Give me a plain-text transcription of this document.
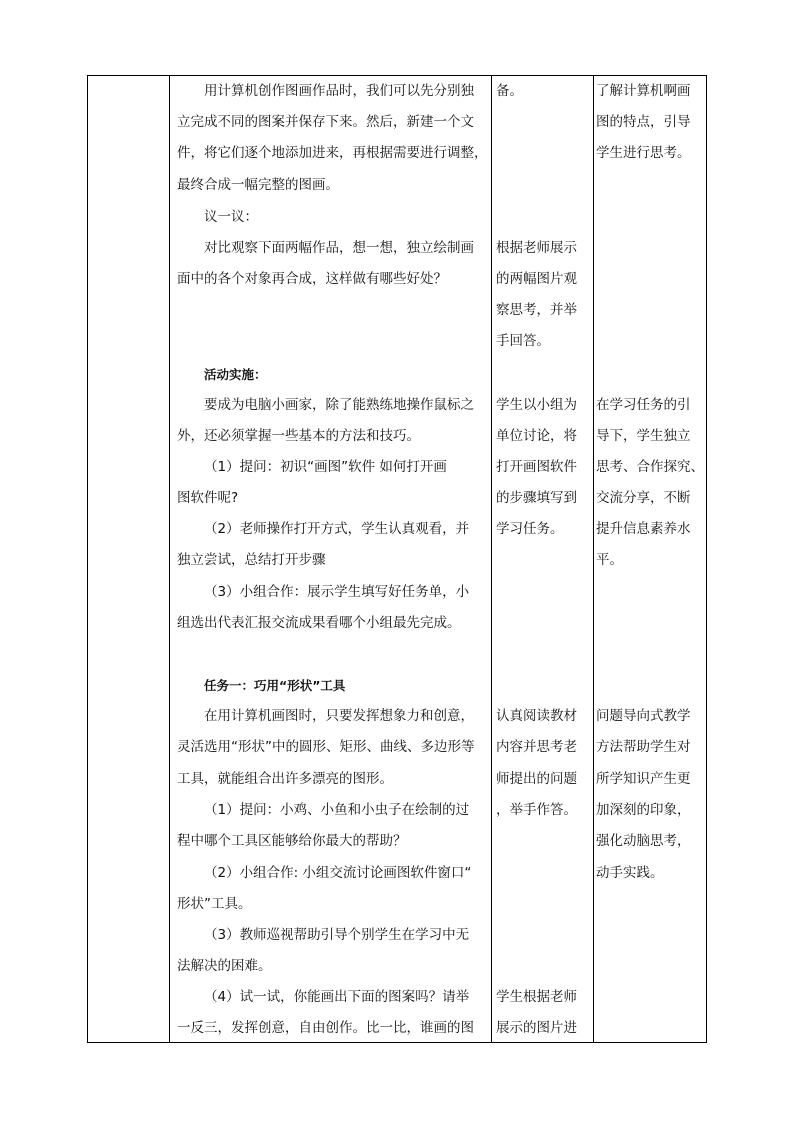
用计算机创作图画作品时，我们可以先分别独

立完成不同的图案并保存下来。然后，新建一个文

件，将它们逐个地添加进来，再根据需要进行调整，

最终合成一幅完整的图画。

议一议：

对比观察下面两幅作品，想一想，独立绘制画

面中的各个对象再合成，这样做有哪些好处？

活动实施：

要成为电脑小画家，除了能熟练地操作鼠标之

外，还必须掌握一些基本的方法和技巧。

（1）提问：初识“画图”软件 如何打开画

图软件呢?

（2）老师操作打开方式，学生认真观看，并

独立尝试，总结打开步骤

（3）小组合作：展示学生填写好任务单，小

组选出代表汇报交流成果看哪个小组最先完成。

任务一：巧用“形状”工具

在用计算机画图时，只要发挥想象力和创意，

灵活选用“形状”中的圆形、矩形、曲线、多边形等

工具，就能组合出许多漂亮的图形。

（1）提问：小鸡、小鱼和小虫子在绘制的过

程中哪个工具区能够给你最大的帮助？

（2）小组合作: 小组交流讨论画图软件窗口“

形状”工具。

（3）教师巡视帮助引导个别学生在学习中无

法解决的困难。

（4）试一试，你能画出下面的图案吗？请举

一反三，发挥创意，自由创作。比一比，谁画的图

备。

根据老师展示

的两幅图片观

察思考，并举

手回答。

学生以小组为

单位讨论，将

打开画图软件

的步骤填写到

学习任务。

认真阅读教材

内容并思考老

师提出的问题

，举手作答。

学生根据老师

展示的图片进

了解计算机啊画

图的特点，引导

学生进行思考。

在学习任务的引

导下，学生独立

思考、合作探究、

交流分享，不断

提升信息素养水

平。

问题导向式教学

方法帮助学生对

所学知识产生更

加深刻的印象，

强化动脑思考，

动手实践。
